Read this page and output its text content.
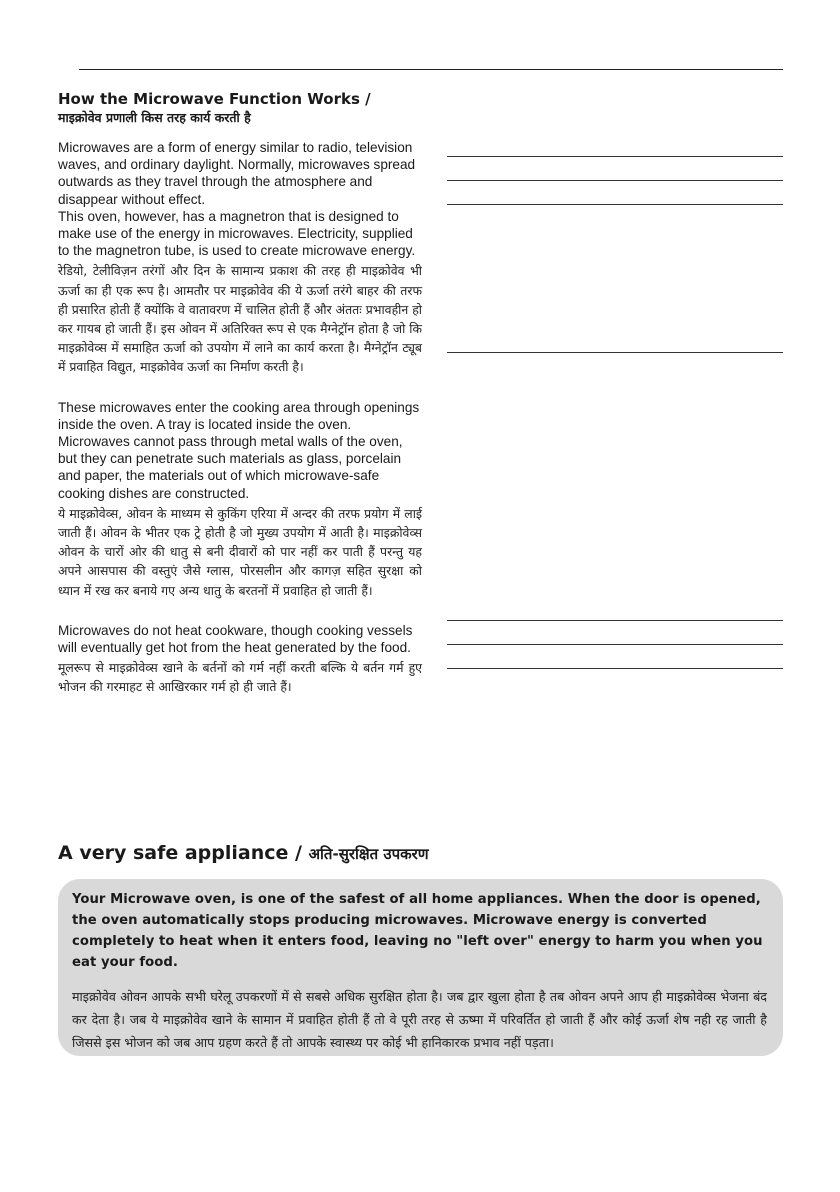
How the Microwave Function Works /

माइक्रोवेव प्रणाली किस तरह कार्य करती है

Microwaves are a form of energy similar to radio, television waves, and ordinary daylight. Normally, microwaves spread outwards as they travel through the atmosphere and disappear without effect.
This oven, however, has a magnetron that is designed to make use of the energy in microwaves. Electricity, supplied to the magnetron tube, is used to create microwave energy.

रेडियो, टेलीविज़न तरंगों और दिन के सामान्य प्रकाश की तरह ही माइक्रोवेव भी ऊर्जा का ही एक रूप है। आमतौर पर माइक्रोवेव की ये ऊर्जा तरंगे बाहर की तरफ ही प्रसारित होती हैं क्योंकि वे वातावरण में चालित होती हैं और अंततः प्रभावहीन हो कर गायब हो जाती हैं। इस ओवन में अतिरिक्त रूप से एक मैग्नेट्रॉन होता है जो कि माइक्रोवेव्स में समाहित ऊर्जा को उपयोग में लाने का कार्य करता है। मैग्नेट्रॉन ट्यूब में प्रवाहित विद्युत, माइक्रोवेव ऊर्जा का निर्माण करती है।

These microwaves enter the cooking area through openings inside the oven. A tray is located inside the oven. Microwaves cannot pass through metal walls of the oven, but they can penetrate such materials as glass, porcelain and paper, the materials out of which microwave-safe cooking dishes are constructed.

ये माइक्रोवेव्स, ओवन के माध्यम से कुकिंग एरिया में अन्दर की तरफ प्रयोग में लाई जाती हैं। ओवन के भीतर एक ट्रे होती है जो मुख्य उपयोग में आती है। माइक्रोवेव्स ओवन के चारों ओर की धातु से बनी दीवारों को पार नहीं कर पाती हैं परन्तु यह अपने आसपास की वस्तुएं जैसे ग्लास, पोरसलीन और कागज़ सहित सुरक्षा को ध्यान में रख कर बनाये गए अन्य धातु के बरतनों में प्रवाहित हो जाती हैं।

Microwaves do not heat cookware, though cooking vessels will eventually get hot from the heat generated by the food.

मूलरूप से माइक्रोवेव्स खाने के बर्तनों को गर्म नहीं करती बल्कि ये बर्तन गर्म हुए भोजन की गरमाहट से आखिरकार गर्म हो ही जाते हैं।

A very safe appliance / अति-सुरक्षित उपकरण

Your Microwave oven, is one of the safest of all home appliances. When the door is opened, the oven automatically stops producing microwaves. Microwave energy is converted completely to heat when it enters food, leaving no "left over" energy to harm you when you eat your food.

माइक्रोवेव ओवन आपके सभी घरेलू उपकरणों में से सबसे अधिक सुरक्षित होता है। जब द्वार खुला होता है तब ओवन अपने आप ही माइक्रोवेव्स भेजना बंद कर देता है। जब ये माइक्रोवेव खाने के सामान में प्रवाहित होती हैं तो वे पूरी तरह से ऊष्मा में परिवर्तित हो जाती हैं और कोई ऊर्जा शेष नही रह जाती है जिससे इस भोजन को जब आप ग्रहण करते हैं तो आपके स्वास्थ्य पर कोई भी हानिकारक प्रभाव नहीं पड़ता।
